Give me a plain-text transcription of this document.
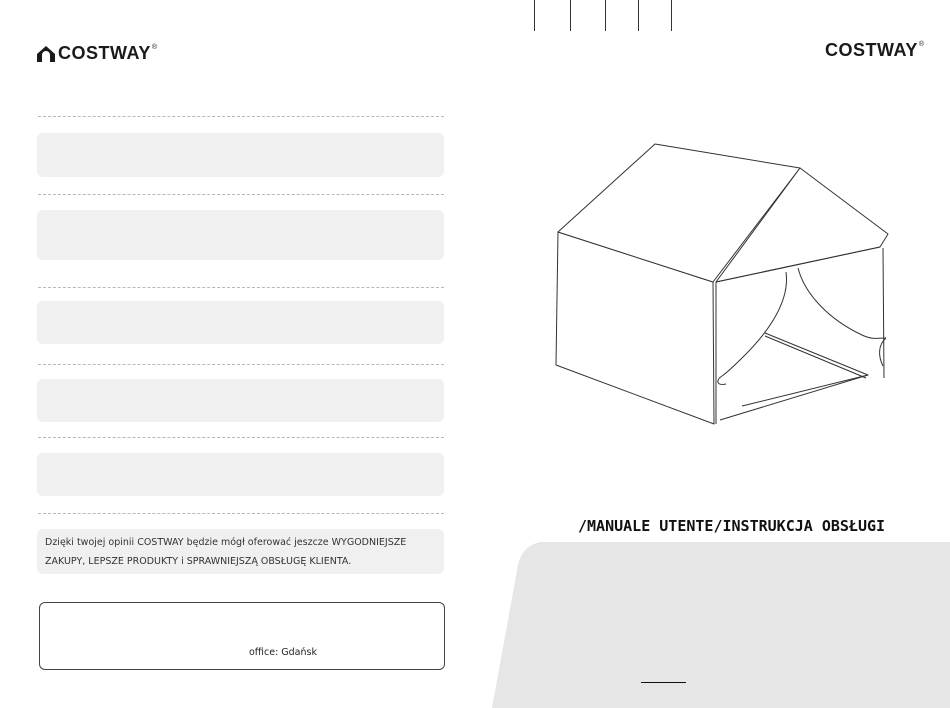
COSTWAY®	COSTWAY®
Dzięki twojej opinii COSTWAY będzie mógł oferować jeszcze WYGODNIEJSZE
ZAKUPY, LEPSZE PRODUKTY i SPRAWNIEJSZĄ OBSŁUGĘ KLIENTA.
office: Gdańsk
/MANUALE UTENTE/INSTRUKCJA OBSŁUGI
